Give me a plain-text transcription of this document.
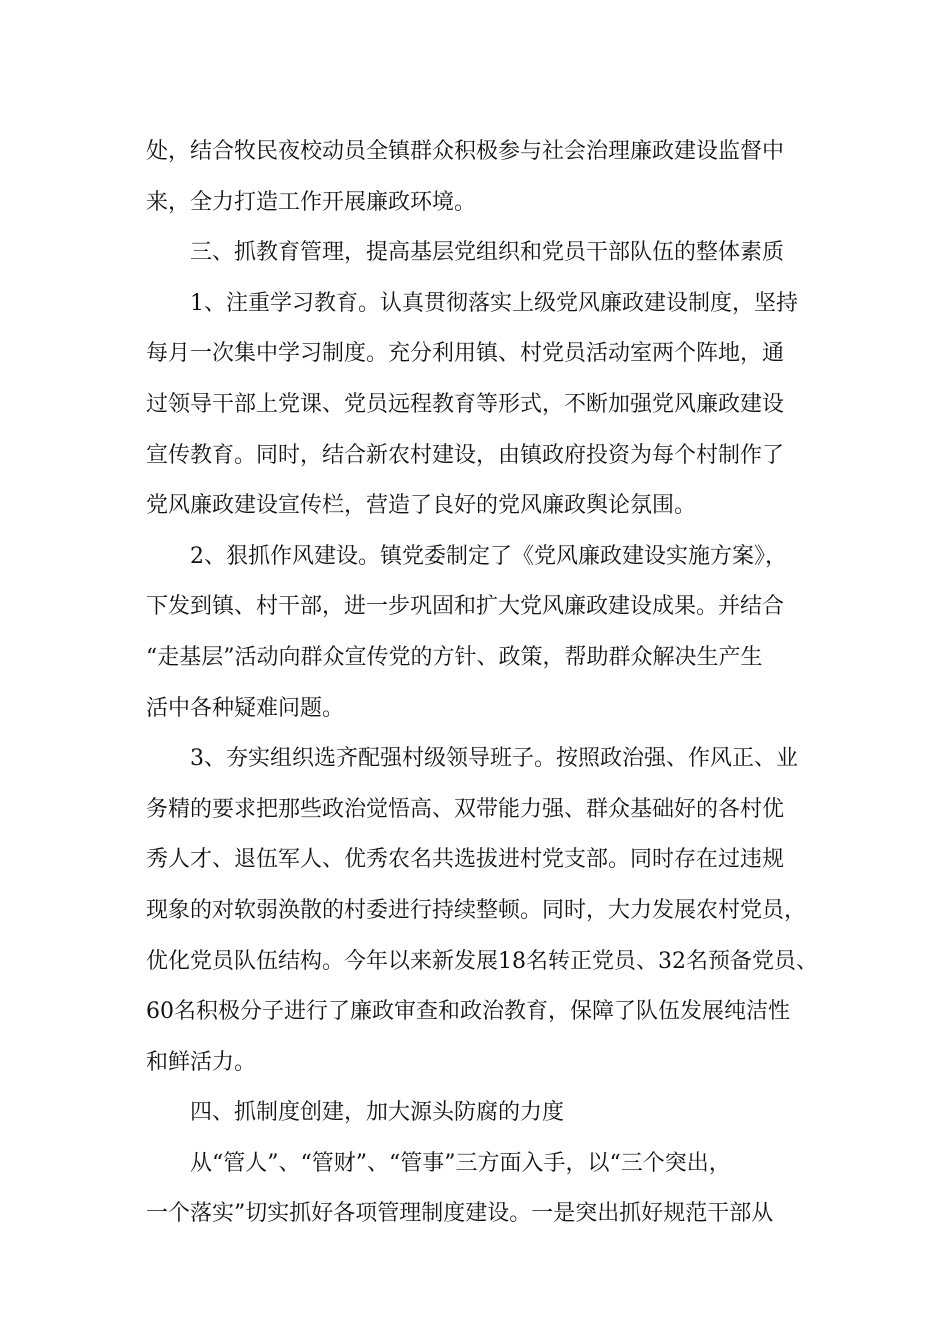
处，结合牧民夜校动员全镇群众积极参与社会治理廉政建设监督中
来，全力打造工作开展廉政环境。
三、抓教育管理，提高基层党组织和党员干部队伍的整体素质
1、注重学习教育。认真贯彻落实上级党风廉政建设制度，坚持
每月一次集中学习制度。充分利用镇、村党员活动室两个阵地，通
过领导干部上党课、党员远程教育等形式，不断加强党风廉政建设
宣传教育。同时，结合新农村建设，由镇政府投资为每个村制作了
党风廉政建设宣传栏，营造了良好的党风廉政舆论氛围。
2、狠抓作风建设。镇党委制定了《党风廉政建设实施方案》，
下发到镇、村干部，进一步巩固和扩大党风廉政建设成果。并结合
“走基层”活动向群众宣传党的方针、政策，帮助群众解决生产生
活中各种疑难问题。
3、夯实组织选齐配强村级领导班子。按照政治强、作风正、业
务精的要求把那些政治觉悟高、双带能力强、群众基础好的各村优
秀人才、退伍军人、优秀农名共选拔进村党支部。同时存在过违规
现象的对软弱涣散的村委进行持续整顿。同时，大力发展农村党员，
优化党员队伍结构。今年以来新发展18名转正党员、32名预备党员、
60名积极分子进行了廉政审查和政治教育，保障了队伍发展纯洁性
和鲜活力。
四、抓制度创建，加大源头防腐的力度
从“管人”、“管财”、“管事”三方面入手，以“三个突出，
一个落实”切实抓好各项管理制度建设。一是突出抓好规范干部从
